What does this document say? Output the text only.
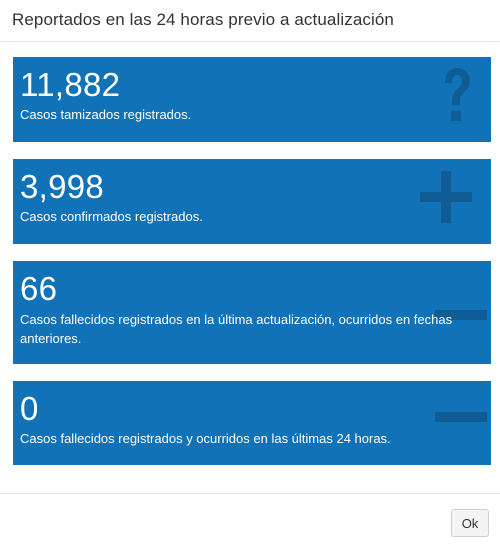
Reportados en las 24 horas previo a actualización
11,882
Casos tamizados registrados.
3,998
Casos confirmados registrados.
66
Casos fallecidos registrados en la última actualización, ocurridos en fechas anteriores.
0
Casos fallecidos registrados y ocurridos en las últimas 24 horas.
Ok
